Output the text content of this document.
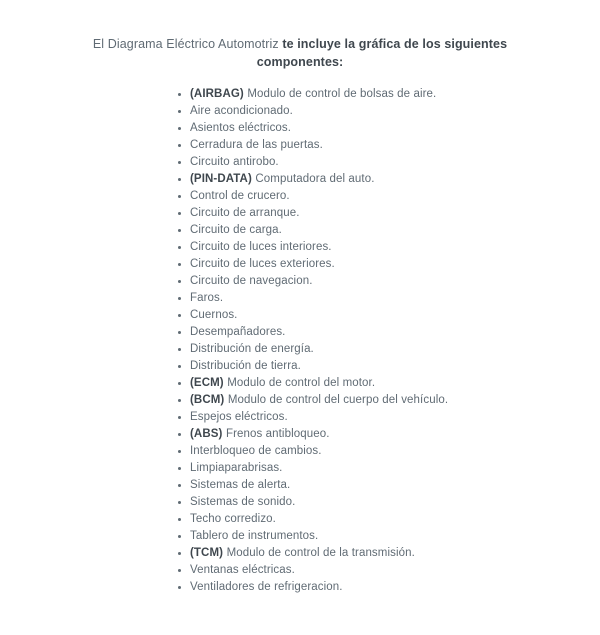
El Diagrama Eléctrico Automotriz te incluye la gráfica de los siguientes componentes:
• (AIRBAG) Modulo de control de bolsas de aire.
• Aire acondicionado.
• Asientos eléctricos.
• Cerradura de las puertas.
• Circuito antirobo.
• (PIN-DATA) Computadora del auto.
• Control de crucero.
• Circuito de arranque.
• Circuito de carga.
• Circuito de luces interiores.
• Circuito de luces exteriores.
• Circuito de navegacion.
• Faros.
• Cuernos.
• Desempañadores.
• Distribución de energía.
• Distribución de tierra.
• (ECM) Modulo de control del motor.
• (BCM) Modulo de control del cuerpo del vehículo.
• Espejos eléctricos.
• (ABS) Frenos antibloqueo.
• Interbloqueo de cambios.
• Limpiaparabrisas.
• Sistemas de alerta.
• Sistemas de sonido.
• Techo corredizo.
• Tablero de instrumentos.
• (TCM) Modulo de control de la transmisión.
• Ventanas eléctricas.
• Ventiladores de refrigeracion.
